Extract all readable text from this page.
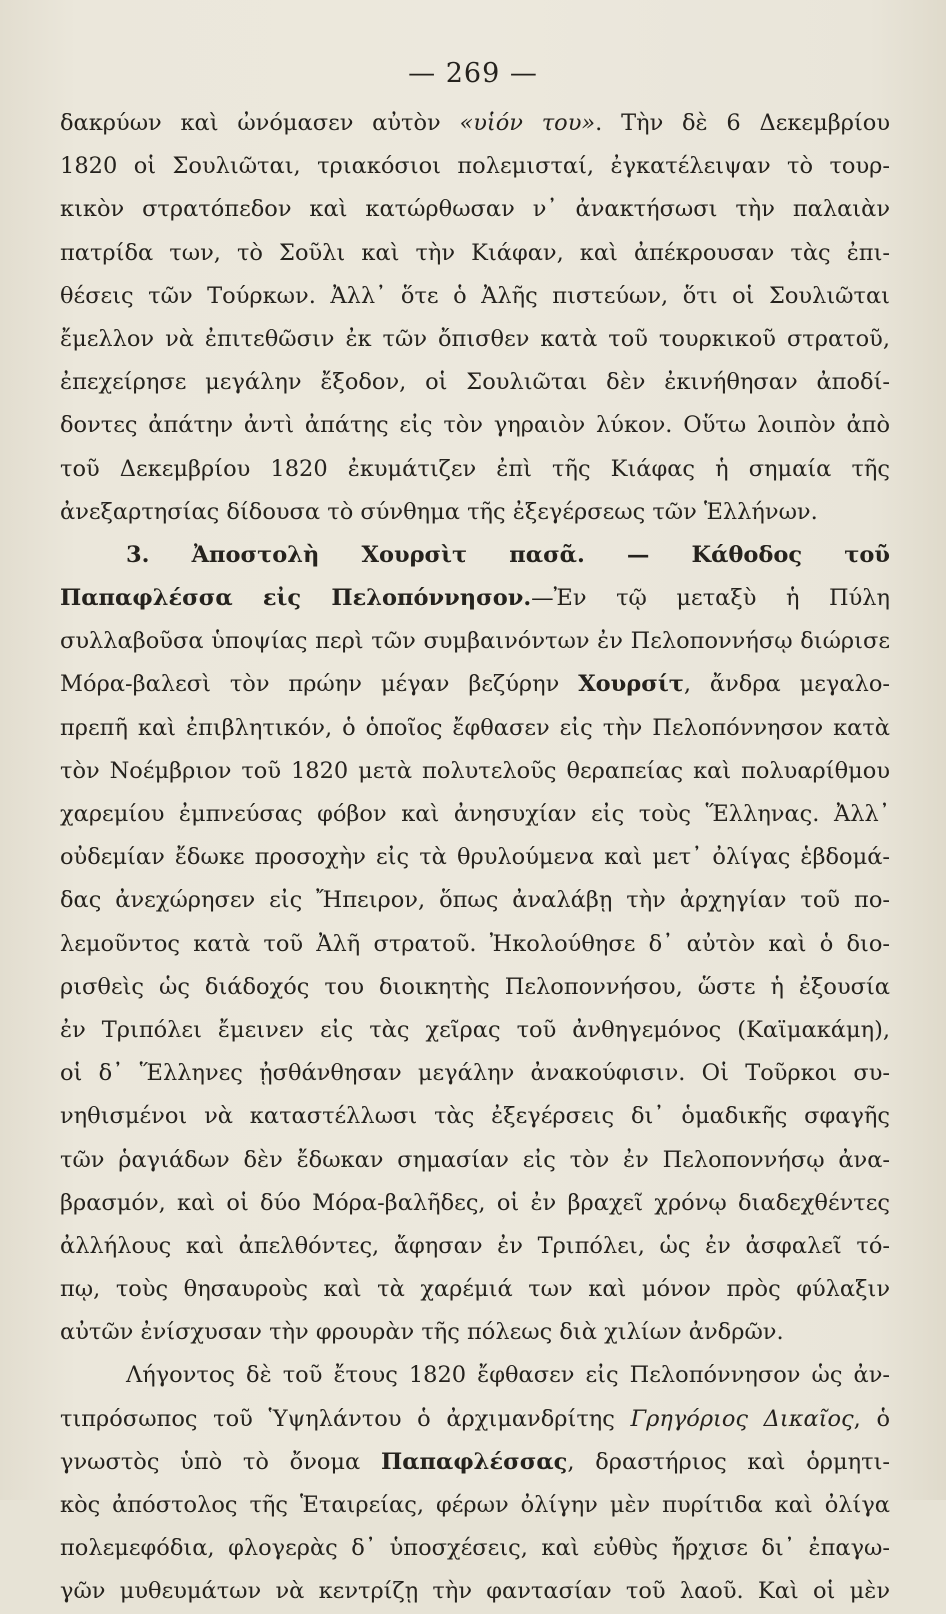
— 269 —
δακρύων καὶ ὠνόμασεν αὐτὸν «υἱόν του». Τὴν δὲ 6 Δεκεμβρίου
1820 οἱ Σουλιῶται, τριακόσιοι πολεμισταί, ἐγκατέλειψαν τὸ τουρ-
κικὸν στρατόπεδον καὶ κατώρθωσαν ν᾽ ἀνακτήσωσι τὴν παλαιὰν
πατρίδα των, τὸ Σοῦλι καὶ τὴν Κιάφαν, καὶ ἀπέκρουσαν τὰς ἐπι-
θέσεις τῶν Τούρκων. Ἀλλ᾽ ὅτε ὁ Ἀλῆς πιστεύων, ὅτι οἱ Σουλιῶται
ἔμελλον νὰ ἐπιτεθῶσιν ἐκ τῶν ὄπισθεν κατὰ τοῦ τουρκικοῦ στρατοῦ,
ἐπεχείρησε μεγάλην ἔξοδον, οἱ Σουλιῶται δὲν ἐκινήθησαν ἀποδί-
δοντες ἀπάτην ἀντὶ ἀπάτης εἰς τὸν γηραιὸν λύκον. Οὕτω λοιπὸν ἀπὸ
τοῦ Δεκεμβρίου 1820 ἐκυμάτιζεν ἐπὶ τῆς Κιάφας ἡ σημαία τῆς
ἀνεξαρτησίας δίδουσα τὸ σύνθημα τῆς ἐξεγέρσεως τῶν Ἑλλήνων.
3. Ἀποστολὴ Χουρσὶτ πασᾶ. — Κάθοδος τοῦ
Παπαφλέσσα εἰς Πελοπόννησον.—Ἐν τῷ μεταξὺ ἡ Πύλη
συλλαβοῦσα ὑποψίας περὶ τῶν συμβαινόντων ἐν Πελοποννήσῳ διώρισε
Μόρα-βαλεσὶ τὸν πρώην μέγαν βεζύρην Χουρσίτ, ἄνδρα μεγαλο-
πρεπῆ καὶ ἐπιβλητικόν, ὁ ὁποῖος ἔφθασεν εἰς τὴν Πελοπόννησον κατὰ
τὸν Νοέμβριον τοῦ 1820 μετὰ πολυτελοῦς θεραπείας καὶ πολυαρίθμου
χαρεμίου ἐμπνεύσας φόβον καὶ ἀνησυχίαν εἰς τοὺς Ἕλληνας. Ἀλλ᾽
οὐδεμίαν ἔδωκε προσοχὴν εἰς τὰ θρυλούμενα καὶ μετ᾽ ὀλίγας ἑβδομά-
δας ἀνεχώρησεν εἰς Ἤπειρον, ὅπως ἀναλάβῃ τὴν ἀρχηγίαν τοῦ πο-
λεμοῦντος κατὰ τοῦ Ἀλῆ στρατοῦ. Ἠκολούθησε δ᾽ αὐτὸν καὶ ὁ διο-
ρισθεὶς ὡς διάδοχός του διοικητὴς Πελοποννήσου, ὥστε ἡ ἐξουσία
ἐν Τριπόλει ἔμεινεν εἰς τὰς χεῖρας τοῦ ἀνθηγεμόνος (Καϊμακάμη),
οἱ δ᾽ Ἕλληνες ᾐσθάνθησαν μεγάλην ἀνακούφισιν. Οἱ Τοῦρκοι συ-
νηθισμένοι νὰ καταστέλλωσι τὰς ἐξεγέρσεις δι᾽ ὁμαδικῆς σφαγῆς
τῶν ῥαγιάδων δὲν ἔδωκαν σημασίαν εἰς τὸν ἐν Πελοποννήσῳ ἀνα-
βρασμόν, καὶ οἱ δύο Μόρα-βαλῆδες, οἱ ἐν βραχεῖ χρόνῳ διαδεχθέντες
ἀλλήλους καὶ ἀπελθόντες, ἄφησαν ἐν Τριπόλει, ὡς ἐν ἀσφαλεῖ τό-
πῳ, τοὺς θησαυροὺς καὶ τὰ χαρέμιά των καὶ μόνον πρὸς φύλαξιν
αὐτῶν ἐνίσχυσαν τὴν φρουρὰν τῆς πόλεως διὰ χιλίων ἀνδρῶν.
Λήγοντος δὲ τοῦ ἔτους 1820 ἔφθασεν εἰς Πελοπόννησον ὡς ἀν-
τιπρόσωπος τοῦ Ὑψηλάντου ὁ ἀρχιμανδρίτης Γρηγόριος Δικαῖος, ὁ
γνωστὸς ὑπὸ τὸ ὄνομα Παπαφλέσσας, δραστήριος καὶ ὁρμητι-
κὸς ἀπόστολος τῆς Ἑταιρείας, φέρων ὀλίγην μὲν πυρίτιδα καὶ ὀλίγα
πολεμεφόδια, φλογερὰς δ᾽ ὑποσχέσεις, καὶ εὐθὺς ἤρχισε δι᾽ ἐπαγω-
γῶν μυθευμάτων νὰ κεντρίζῃ τὴν φαντασίαν τοῦ λαοῦ. Καὶ οἱ μὲν
